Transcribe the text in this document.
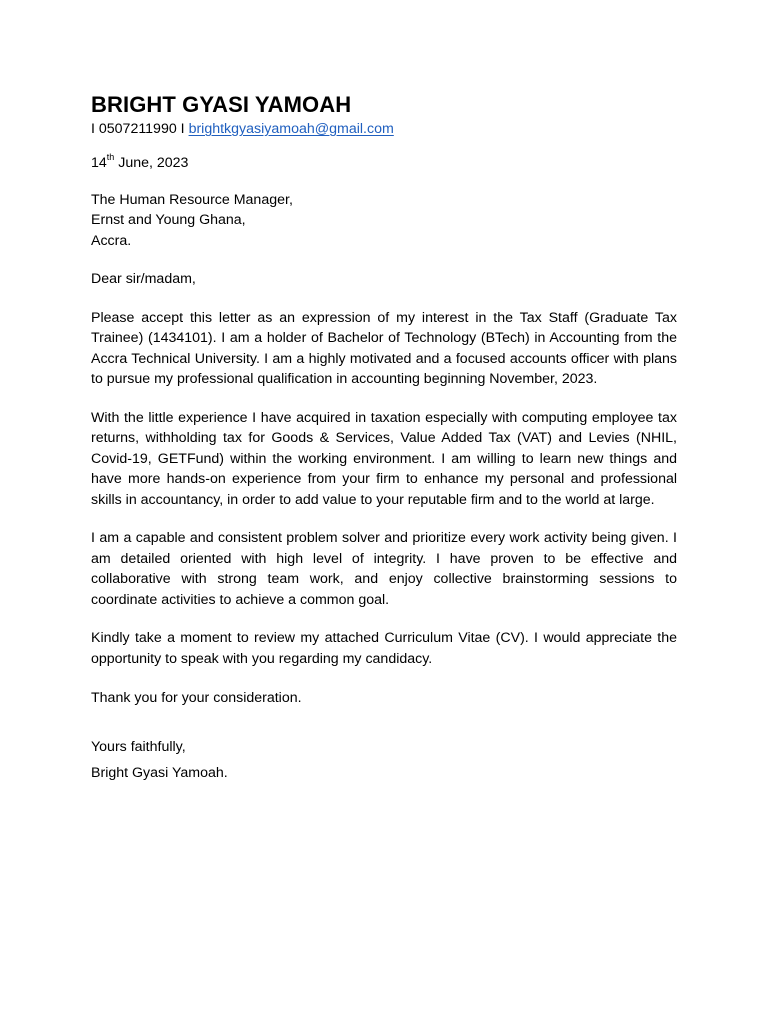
BRIGHT GYASI YAMOAH

I 0507211990 I brightkgyasiyamoah@gmail.com

14th June, 2023

The Human Resource Manager,
Ernst and Young Ghana,
Accra.

Dear sir/madam,

Please accept this letter as an expression of my interest in the Tax Staff (Graduate Tax Trainee) (1434101). I am a holder of Bachelor of Technology (BTech) in Accounting from the Accra Technical University. I am a highly motivated and a focused accounts officer with plans to pursue my professional qualification in accounting beginning November, 2023.

With the little experience I have acquired in taxation especially with computing employee tax returns, withholding tax for Goods & Services, Value Added Tax (VAT) and Levies (NHIL, Covid-19, GETFund) within the working environment. I am willing to learn new things and have more hands-on experience from your firm to enhance my personal and professional skills in accountancy, in order to add value to your reputable firm and to the world at large.

I am a capable and consistent problem solver and prioritize every work activity being given. I am detailed oriented with high level of integrity. I have proven to be effective and collaborative with strong team work, and enjoy collective brainstorming sessions to coordinate activities to achieve a common goal.

Kindly take a moment to review my attached Curriculum Vitae (CV). I would appreciate the opportunity to speak with you regarding my candidacy.

Thank you for your consideration.

Yours faithfully,

Bright Gyasi Yamoah.
